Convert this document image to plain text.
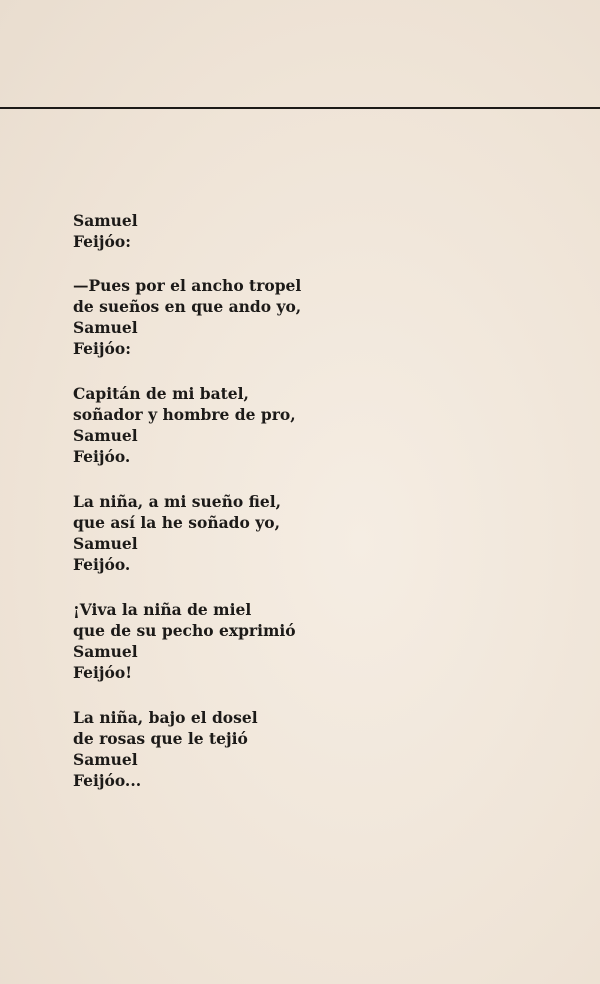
Samuel
Feijóo:
—Pues por el ancho tropel
de sueños en que ando yo,
Samuel
Feijóo:
Capitán de mi batel,
soñador y hombre de pro,
Samuel
Feijóo.
La niña, a mi sueño fiel,
que así la he soñado yo,
Samuel
Feijóo.
¡Viva la niña de miel
que de su pecho exprimió
Samuel
Feijóo!
La niña, bajo el dosel
de rosas que le tejió
Samuel
Feijóo...
